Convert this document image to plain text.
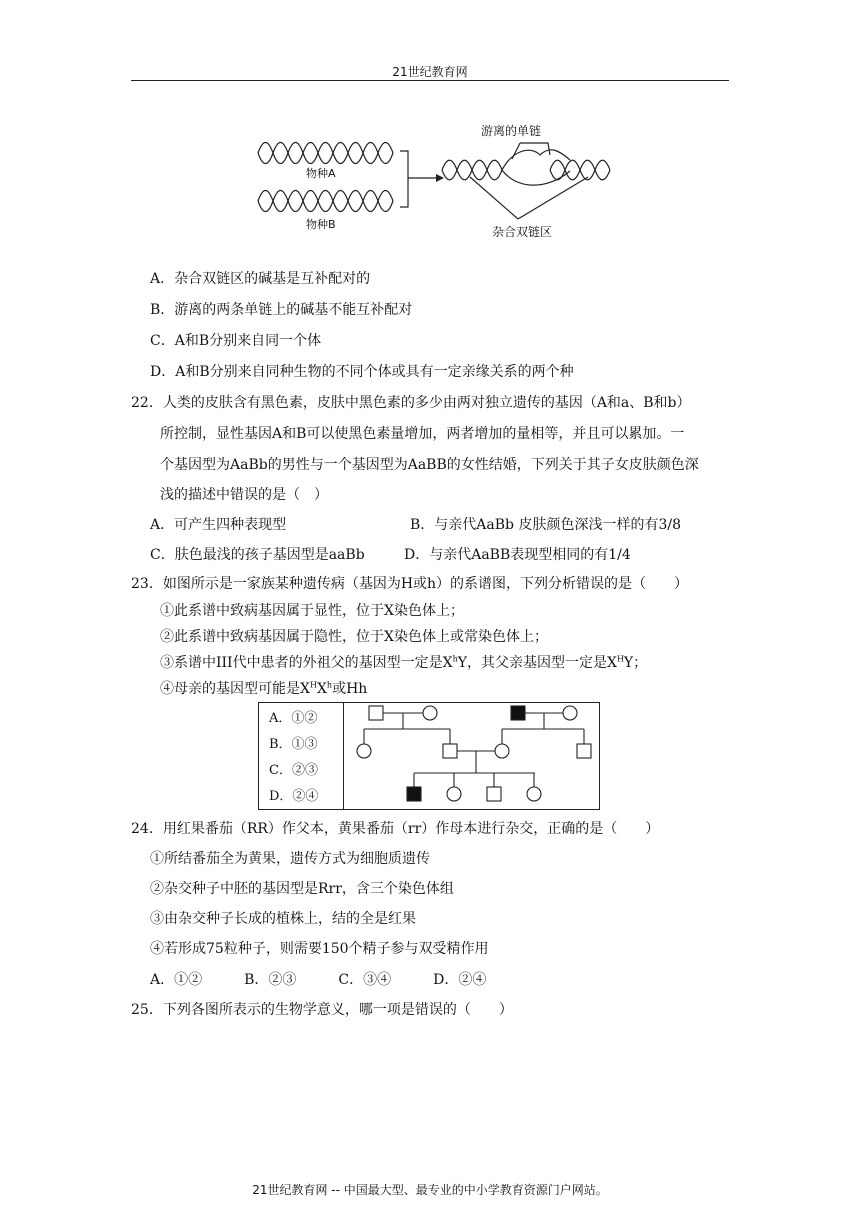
21世纪教育网
游离的单链
物种A
物种B
杂合双链区
A．杂合双链区的碱基是互补配对的
B．游离的两条单链上的碱基不能互补配对
C．A和B分别来自同一个体
D．A和B分别来自同种生物的不同个体或具有一定亲缘关系的两个种
22．人类的皮肤含有黑色素，皮肤中黑色素的多少由两对独立遗传的基因（A和a、B和b）
所控制，显性基因A和B可以使黑色素量增加，两者增加的量相等，并且可以累加。一
个基因型为AaBb的男性与一个基因型为AaBB的女性结婚，下列关于其子女皮肤颜色深
浅的描述中错误的是（　）
A．可产生四种表现型	B．与亲代AaBb 皮肤颜色深浅一样的有3/8
C．肤色最浅的孩子基因型是aaBb	D．与亲代AaBB表现型相同的有1/4
23．如图所示是一家族某种遗传病（基因为H或h）的系谱图，下列分析错误的是（　　）
①此系谱中致病基因属于显性，位于X染色体上；
②此系谱中致病基因属于隐性，位于X染色体上或常染色体上；
③系谱中III代中患者的外祖父的基因型一定是$X^hY$，其父亲基因型一定是$X^HY$；
④母亲的基因型可能是$X^HX^h$或Hh
A．①②
B．①③
C．②③
D．②④
24．用红果番茄（RR）作父本，黄果番茄（rr）作母本进行杂交，正确的是（　　）
①所结番茄全为黄果，遗传方式为细胞质遗传
②杂交种子中胚的基因型是Rrr，含三个染色体组
③由杂交种子长成的植株上，结的全是红果
④若形成75粒种子，则需要150个精子参与双受精作用
A．①②　　　B．②③　　　C．③④　　　D．②④
25．下列各图所表示的生物学意义，哪一项是错误的（　　）
21世纪教育网 -- 中国最大型、最专业的中小学教育资源门户网站。
